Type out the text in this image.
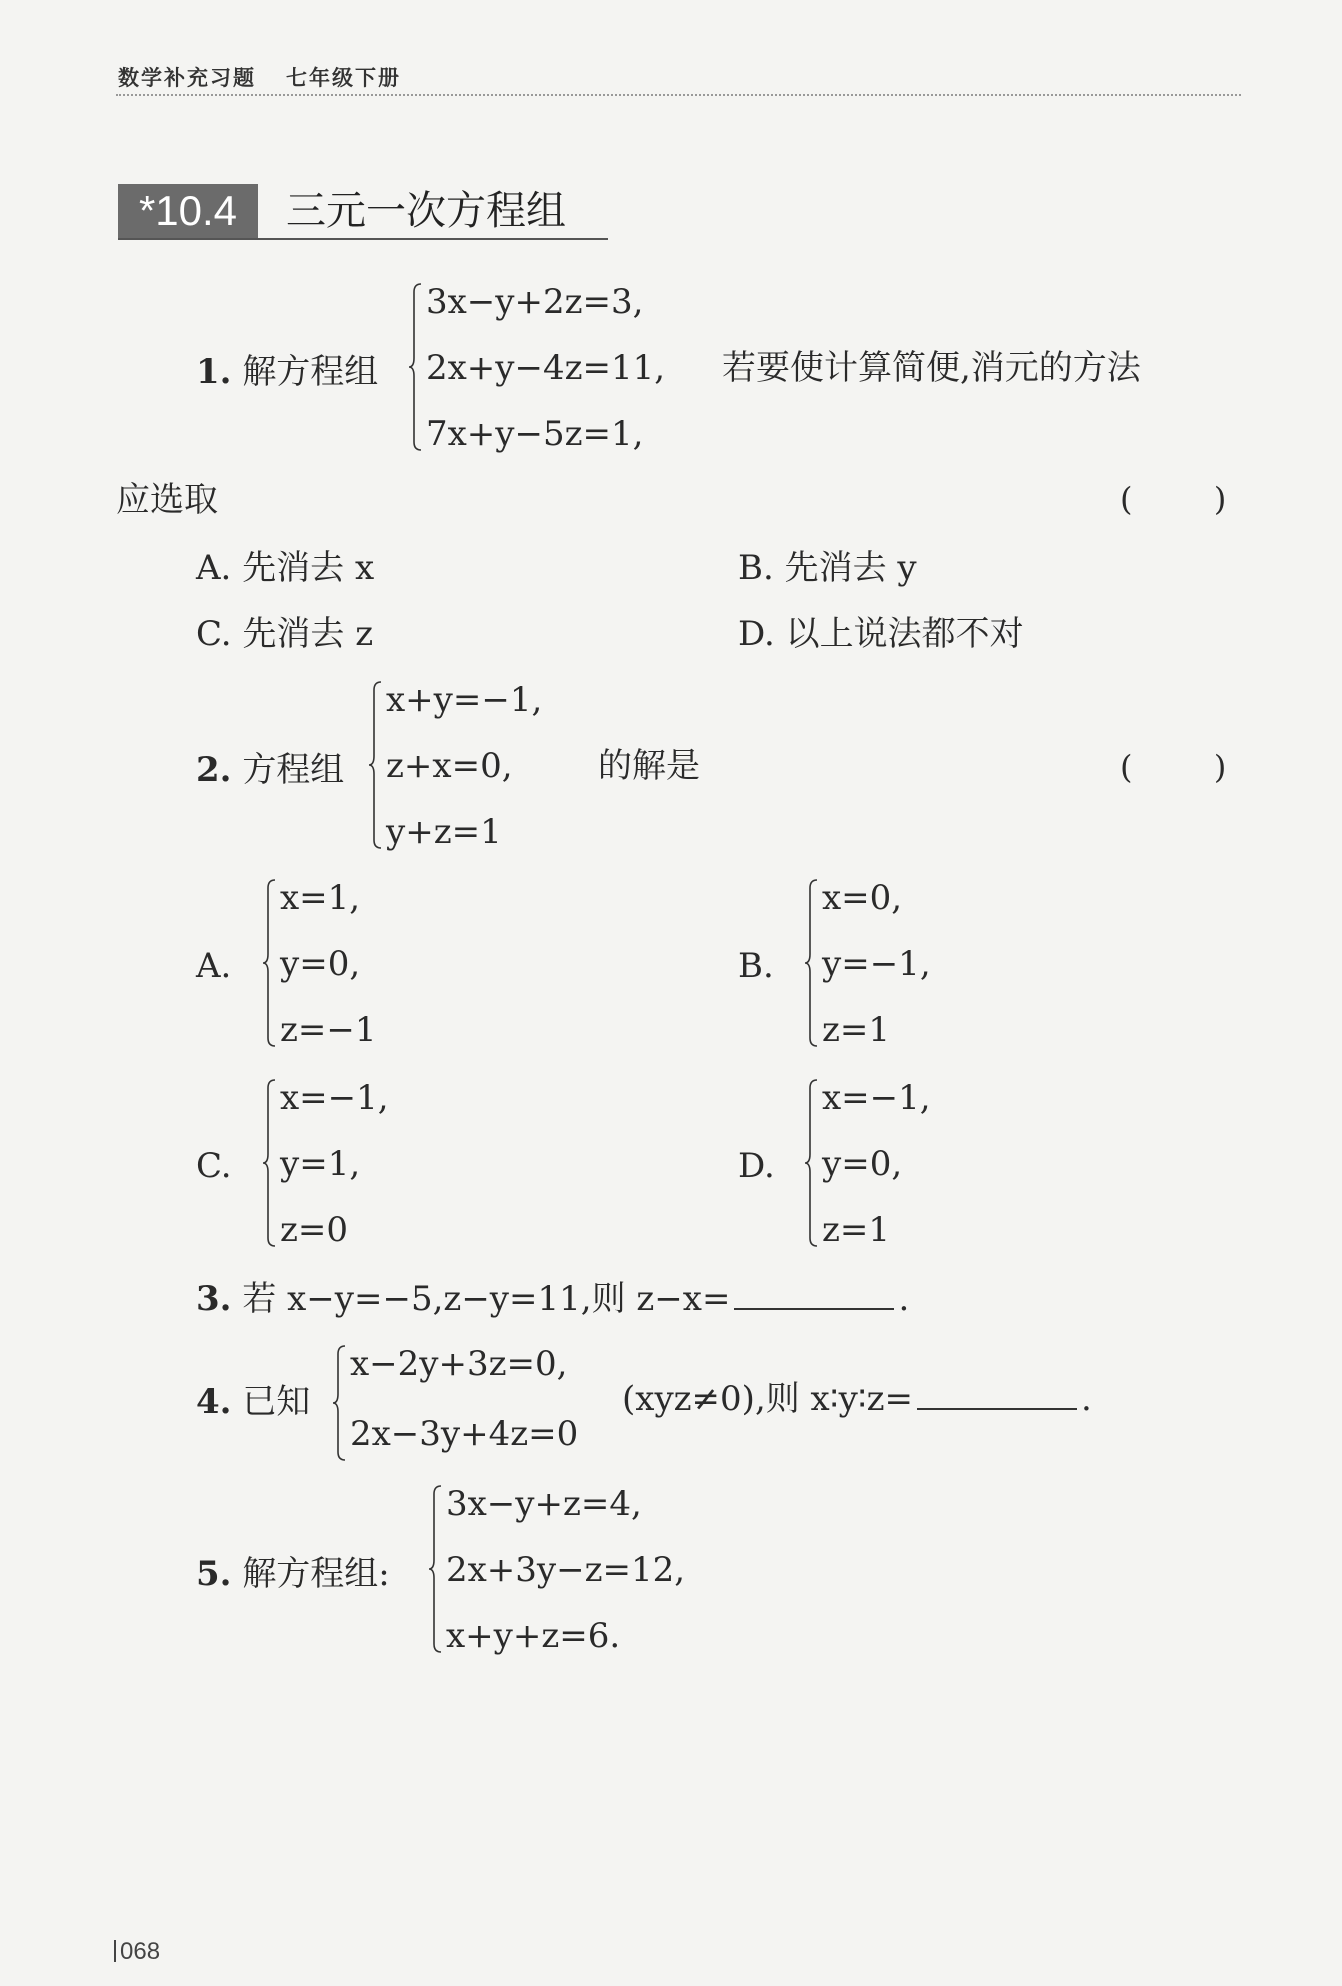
数学补充习题 七年级下册
*10.4	三元一次方程组
1. 解方程组
3x−y+2z=3,
2x+y−4z=11,
7x+y−5z=1,
若要使计算简便,消元的方法
应选取	(        )
A. 先消去 x	B. 先消去 y
C. 先消去 z	D. 以上说法都不对
2. 方程组
x+y=−1,
z+x=0,
y+z=1
的解是	(        )
A.
x=1,
y=0,
z=−1
B.
x=0,
y=−1,
z=1
C.
x=−1,
y=1,
z=0
D.
x=−1,
y=0,
z=1
3. 若 x−y=−5,z−y=11,则 z−x=	.
4. 已知
x−2y+3z=0,
2x−3y+4z=0
(xyz≠0),则 x∶y∶z=	.
5. 解方程组:
3x−y+z=4,
2x+3y−z=12,
x+y+z=6.
068
